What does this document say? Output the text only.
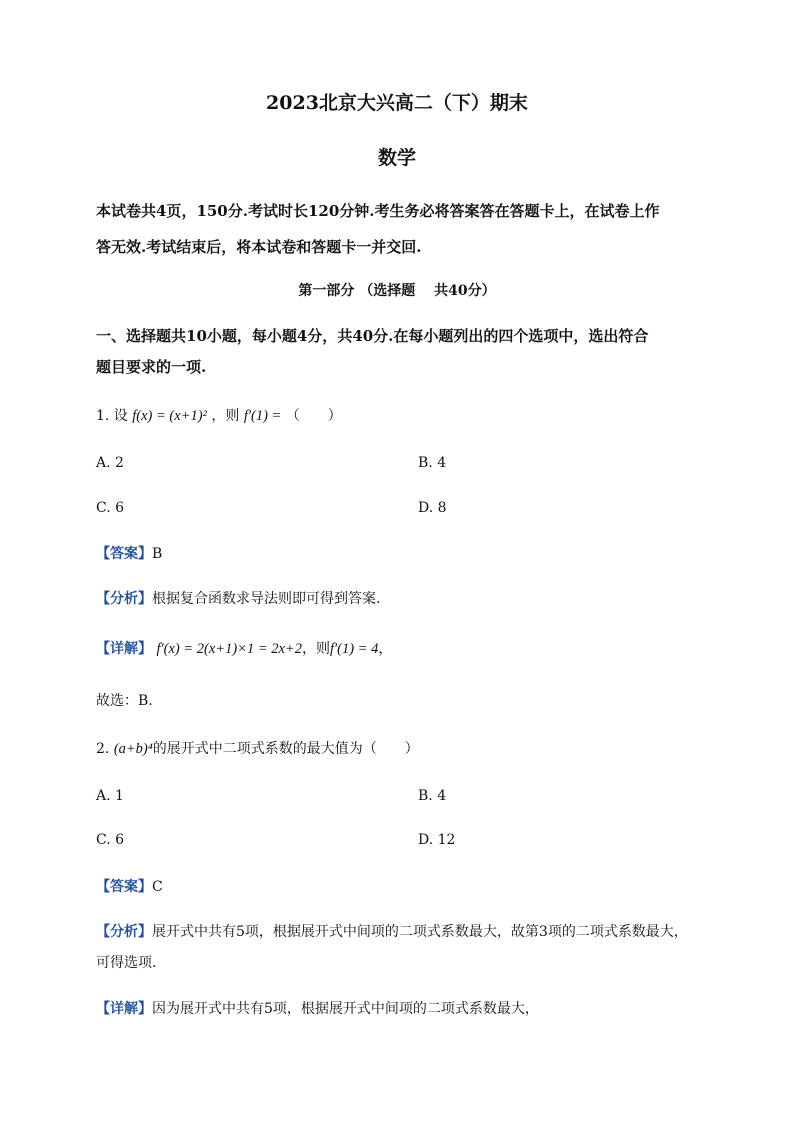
2023北京大兴高二（下）期末
数学
本试卷共4页，150分.考试时长120分钟.考生务必将答案答在答题卡上，在试卷上作
答无效.考试结束后，将本试卷和答题卡一并交回.
第一部分 （选择题　 共40分）
一、选择题共10小题，每小题4分，共40分.在每小题列出的四个选项中，选出符合
题目要求的一项.
1. 设 f(x) = (x+1)² ，则 f′(1) = （　　）
A. 2	B. 4
C. 6	D. 8
【答案】B
【分析】根据复合函数求导法则即可得到答案.
【详解】 f′(x) = 2(x+1)×1 = 2x+2，则f′(1) = 4，
故选：B.
2. (a+b)⁴的展开式中二项式系数的最大值为（　　）
A. 1	B. 4
C. 6	D. 12
【答案】C
【分析】展开式中共有5项，根据展开式中间项的二项式系数最大，故第3项的二项式系数最大，
可得选项.
【详解】因为展开式中共有5项，根据展开式中间项的二项式系数最大，
